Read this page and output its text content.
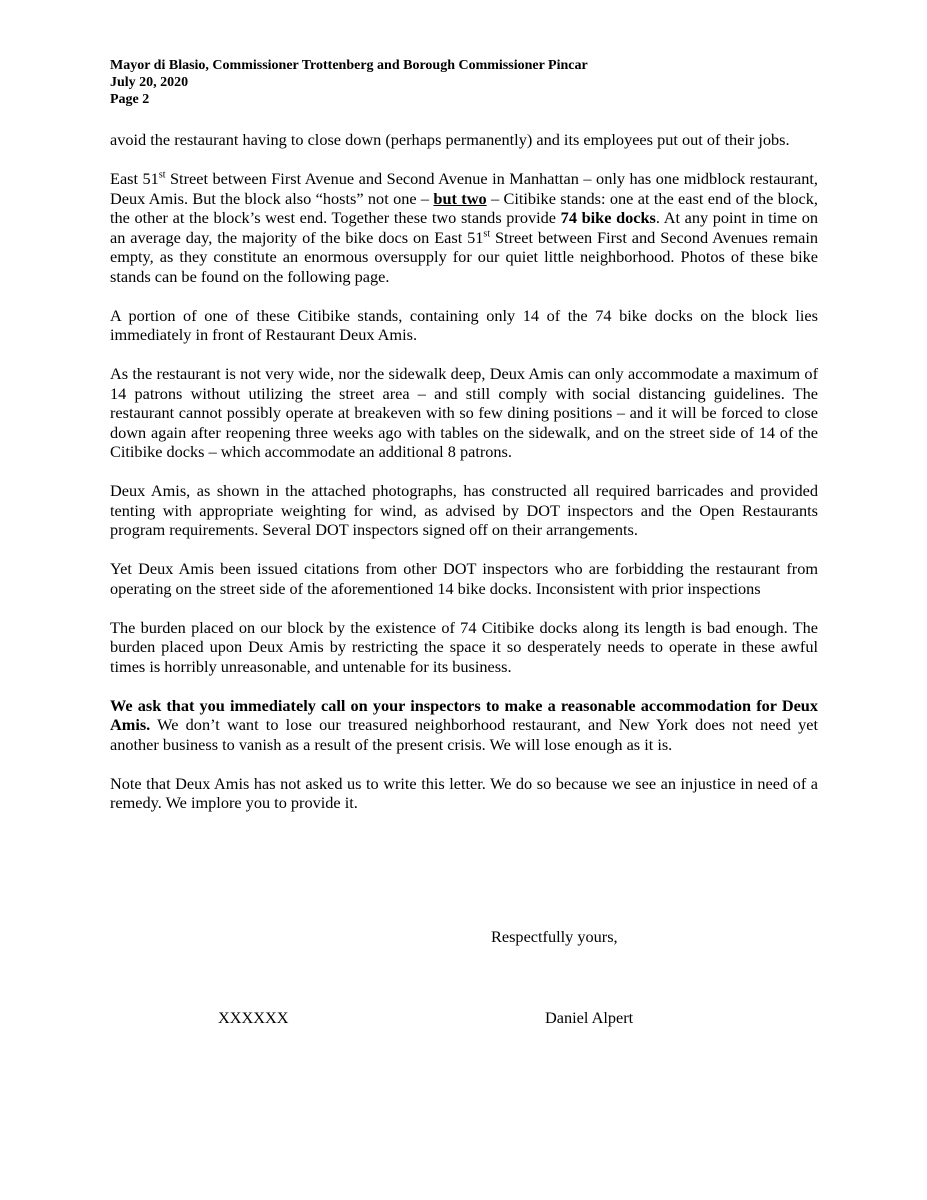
Mayor di Blasio, Commissioner Trottenberg and Borough Commissioner Pincar
July 20, 2020
Page 2

avoid the restaurant having to close down (perhaps permanently) and its employees put out of their jobs.

East 51st Street between First Avenue and Second Avenue in Manhattan – only has one midblock restaurant, Deux Amis. But the block also “hosts” not one – but two – Citibike stands: one at the east end of the block, the other at the block’s west end. Together these two stands provide 74 bike docks. At any point in time on an average day, the majority of the bike docs on East 51st Street between First and Second Avenues remain empty, as they constitute an enormous oversupply for our quiet little neighborhood. Photos of these bike stands can be found on the following page.

A portion of one of these Citibike stands, containing only 14 of the 74 bike docks on the block lies immediately in front of Restaurant Deux Amis.

As the restaurant is not very wide, nor the sidewalk deep, Deux Amis can only accommodate a maximum of 14 patrons without utilizing the street area – and still comply with social distancing guidelines. The restaurant cannot possibly operate at breakeven with so few dining positions – and it will be forced to close down again after reopening three weeks ago with tables on the sidewalk, and on the street side of 14 of the Citibike docks – which accommodate an additional 8 patrons.

Deux Amis, as shown in the attached photographs, has constructed all required barricades and provided tenting with appropriate weighting for wind, as advised by DOT inspectors and the Open Restaurants program requirements. Several DOT inspectors signed off on their arrangements.

Yet Deux Amis been issued citations from other DOT inspectors who are forbidding the restaurant from operating on the street side of the aforementioned 14 bike docks. Inconsistent with prior inspections

The burden placed on our block by the existence of 74 Citibike docks along its length is bad enough. The burden placed upon Deux Amis by restricting the space it so desperately needs to operate in these awful times is horribly unreasonable, and untenable for its business.

We ask that you immediately call on your inspectors to make a reasonable accommodation for Deux Amis. We don’t want to lose our treasured neighborhood restaurant, and New York does not need yet another business to vanish as a result of the present crisis. We will lose enough as it is.

Note that Deux Amis has not asked us to write this letter. We do so because we see an injustice in need of a remedy. We implore you to provide it.

Respectfully yours,
XXXXXX	Daniel Alpert
